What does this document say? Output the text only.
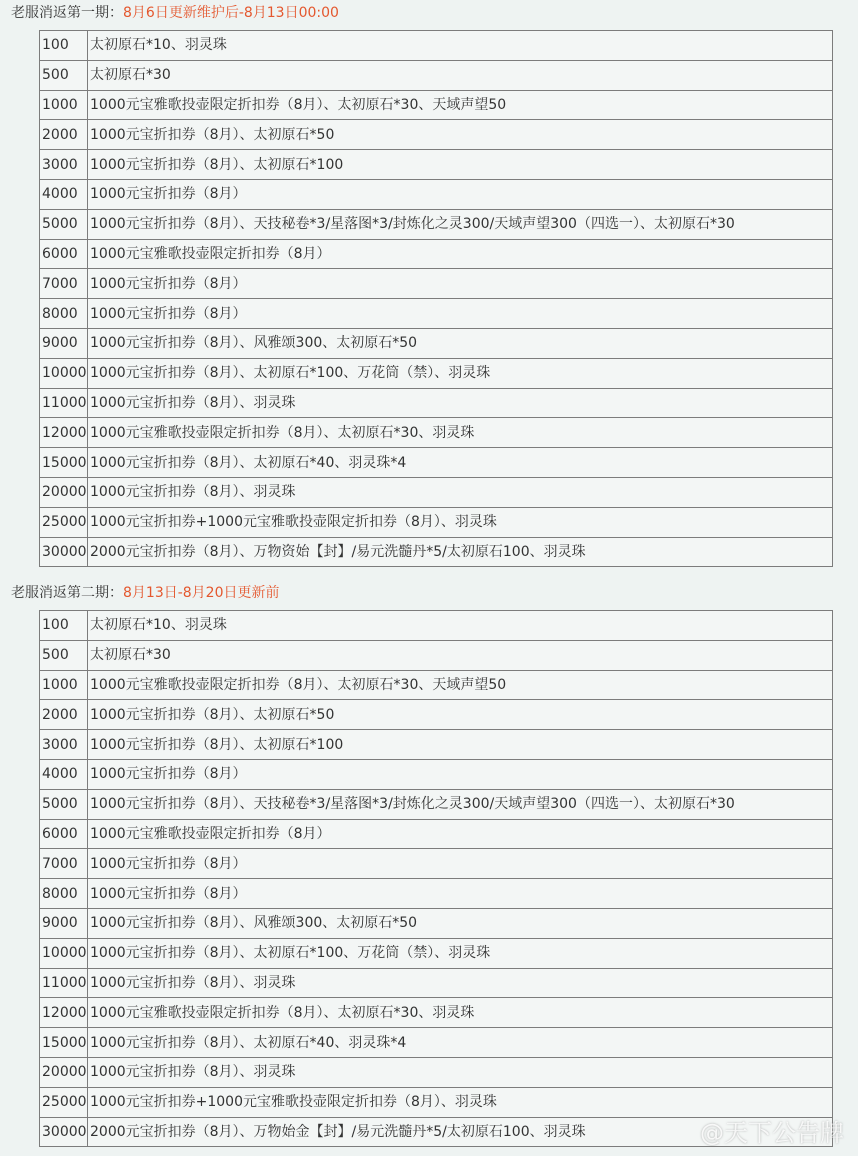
老服消返第一期：8月6日更新维护后-8月13日00:00
100	太初原石*10、羽灵珠
500	太初原石*30
1000	1000元宝雅歌投壶限定折扣券（8月）、太初原石*30、天域声望50
2000	1000元宝折扣券（8月）、太初原石*50
3000	1000元宝折扣券（8月）、太初原石*100
4000	1000元宝折扣券（8月）
5000	1000元宝折扣券（8月）、天技秘卷*3/星落图*3/封炼化之灵300/天域声望300（四选一）、太初原石*30
6000	1000元宝雅歌投壶限定折扣券（8月）
7000	1000元宝折扣券（8月）
8000	1000元宝折扣券（8月）
9000	1000元宝折扣券（8月）、风雅颂300、太初原石*50
10000	1000元宝折扣券（8月）、太初原石*100、万花筒（禁）、羽灵珠
11000	1000元宝折扣券（8月）、羽灵珠
12000	1000元宝雅歌投壶限定折扣券（8月）、太初原石*30、羽灵珠
15000	1000元宝折扣券（8月）、太初原石*40、羽灵珠*4
20000	1000元宝折扣券（8月）、羽灵珠
25000	1000元宝折扣券+1000元宝雅歌投壶限定折扣券（8月）、羽灵珠
30000	2000元宝折扣券（8月）、万物资始【封】/易元洗髓丹*5/太初原石100、羽灵珠
老服消返第二期：8月13日-8月20日更新前
100	太初原石*10、羽灵珠
500	太初原石*30
1000	1000元宝雅歌投壶限定折扣券（8月）、太初原石*30、天域声望50
2000	1000元宝折扣券（8月）、太初原石*50
3000	1000元宝折扣券（8月）、太初原石*100
4000	1000元宝折扣券（8月）
5000	1000元宝折扣券（8月）、天技秘卷*3/星落图*3/封炼化之灵300/天域声望300（四选一）、太初原石*30
6000	1000元宝雅歌投壶限定折扣券（8月）
7000	1000元宝折扣券（8月）
8000	1000元宝折扣券（8月）
9000	1000元宝折扣券（8月）、风雅颂300、太初原石*50
10000	1000元宝折扣券（8月）、太初原石*100、万花筒（禁）、羽灵珠
11000	1000元宝折扣券（8月）、羽灵珠
12000	1000元宝雅歌投壶限定折扣券（8月）、太初原石*30、羽灵珠
15000	1000元宝折扣券（8月）、太初原石*40、羽灵珠*4
20000	1000元宝折扣券（8月）、羽灵珠
25000	1000元宝折扣券+1000元宝雅歌投壶限定折扣券（8月）、羽灵珠
30000	2000元宝折扣券（8月）、万物始金【封】/易元洗髓丹*5/太初原石100、羽灵珠	@天下公告牌
